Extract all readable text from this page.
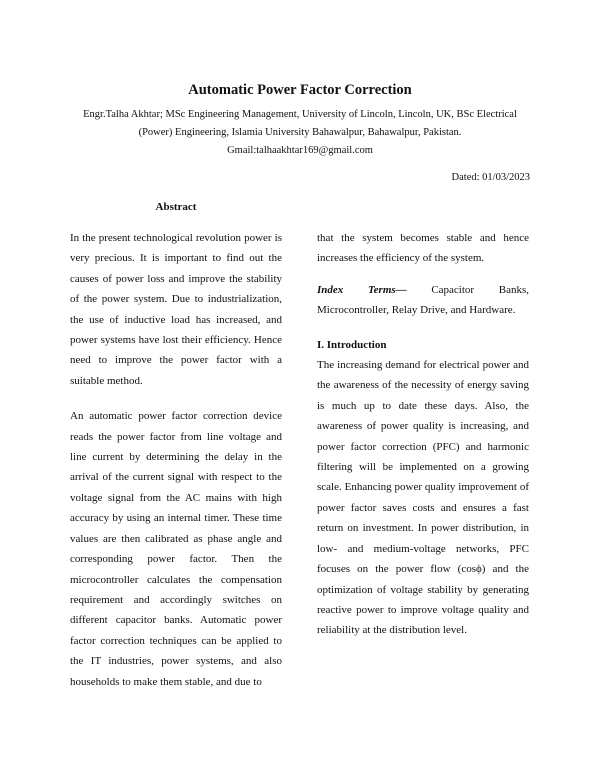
Automatic Power Factor Correction

Engr.Talha Akhtar; MSc Engineering Management, University of Lincoln, Lincoln, UK, BSc Electrical

(Power) Engineering, Islamia University Bahawalpur, Bahawalpur, Pakistan.

Gmail:talhaakhtar169@gmail.com

Dated: 01/03/2023

Abstract

In the present technological revolution power is very precious. It is important to find out the causes of power loss and improve the stability of the power system. Due to industrialization, the use of inductive load has increased, and power systems have lost their efficiency. Hence need to improve the power factor with a suitable method.

An automatic power factor correction device reads the power factor from line voltage and line current by determining the delay in the arrival of the current signal with respect to the voltage signal from the AC mains with high accuracy by using an internal timer. These time values are then calibrated as phase angle and corresponding power factor. Then the microcontroller calculates the compensation requirement and accordingly switches on different capacitor banks. Automatic power factor correction techniques can be applied to the IT industries, power systems, and also households to make them stable, and due to

that the system becomes stable and hence increases the efficiency of the system.

Index Terms— Capacitor Banks, Microcontroller, Relay Drive, and Hardware.

I. Introduction

The increasing demand for electrical power and the awareness of the necessity of energy saving is much up to date these days. Also, the awareness of power quality is increasing, and power factor correction (PFC) and harmonic filtering will be implemented on a growing scale. Enhancing power quality improvement of power factor saves costs and ensures a fast return on investment. In power distribution, in low- and medium-voltage networks, PFC focuses on the power flow (cosϕ) and the optimization of voltage stability by generating reactive power to improve voltage quality and reliability at the distribution level.
